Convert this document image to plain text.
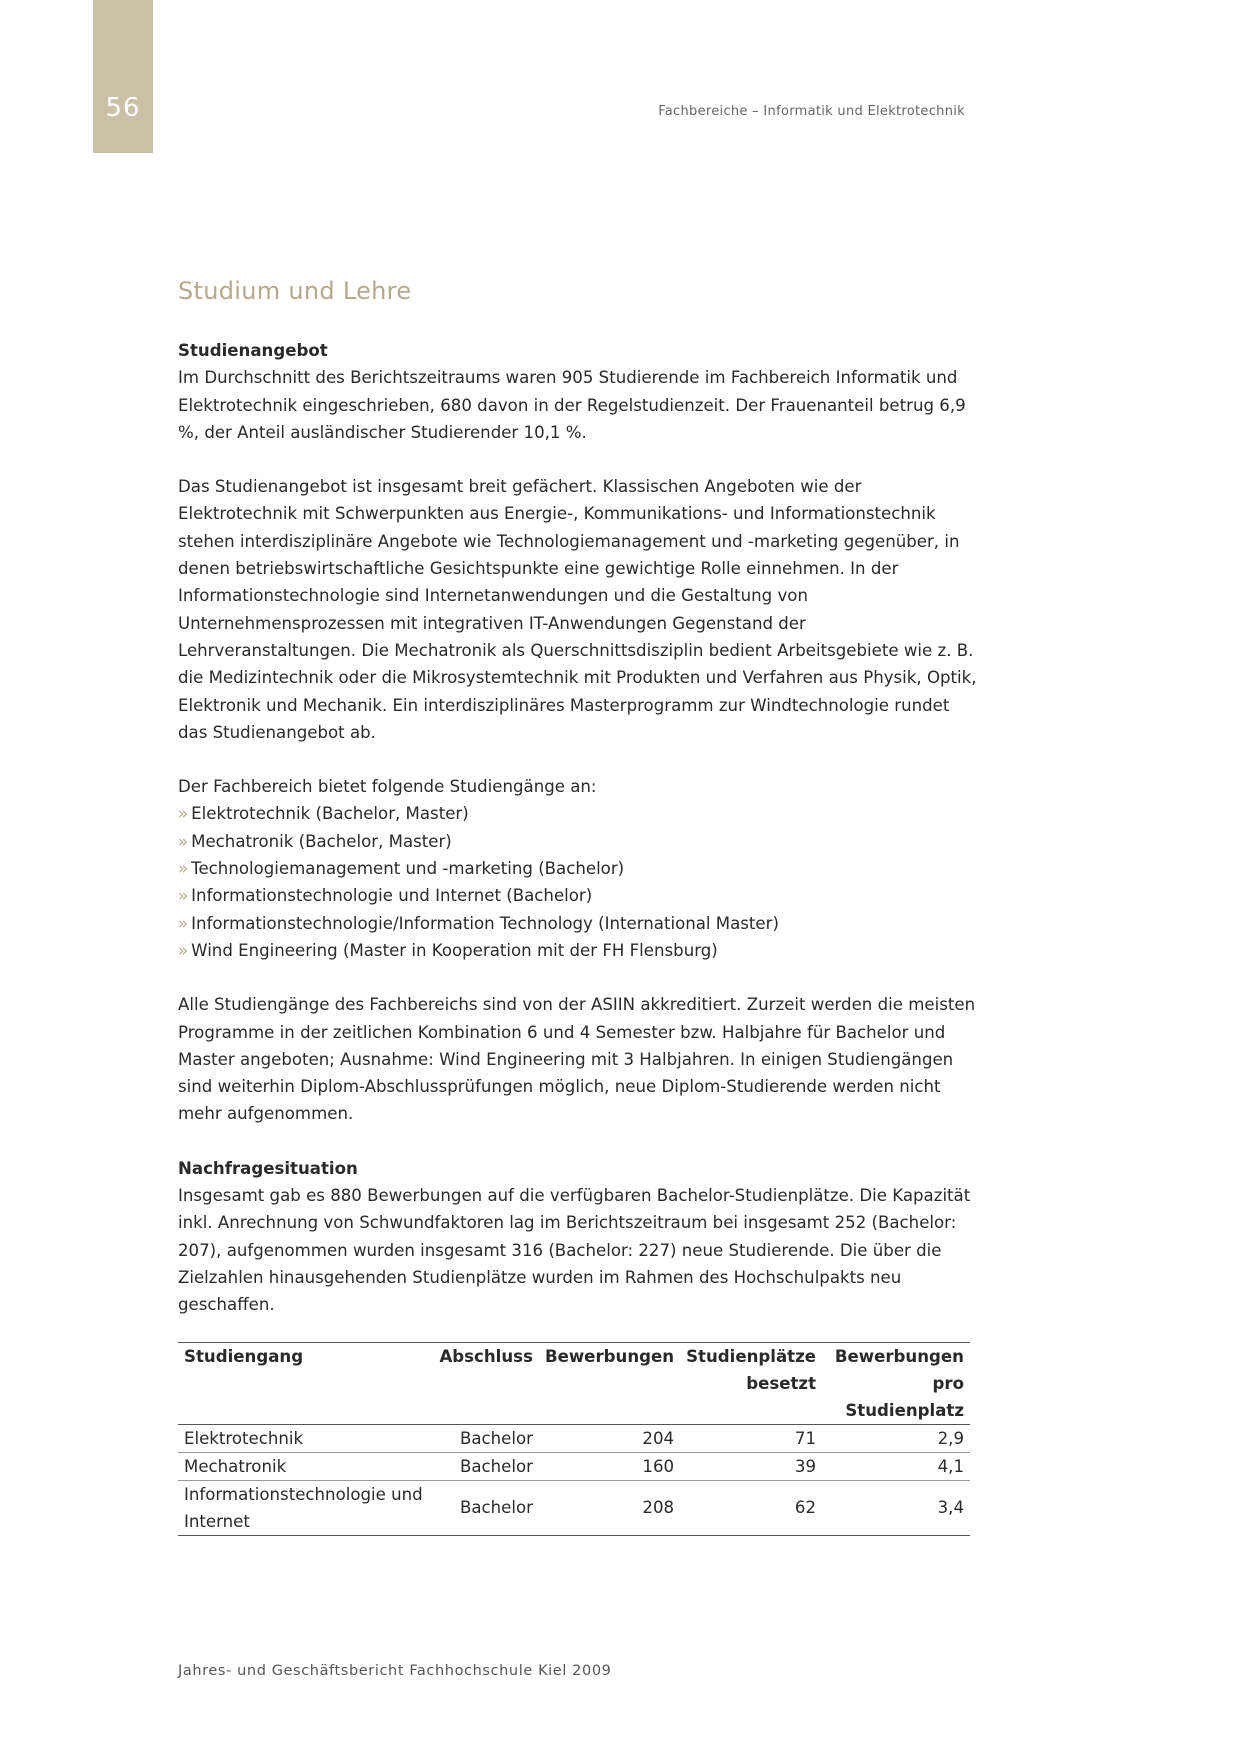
56	Fachbereiche – Informatik und Elektrotechnik
Studium und Lehre
Studienangebot

Im Durchschnitt des Berichtszeitraums waren 905 Studierende im Fachbereich Informatik und Elektrotechnik eingeschrieben, 680 davon in der Regelstudienzeit. Der Frauenanteil betrug 6,9 %, der Anteil ausländischer Studierender 10,1 %.

Das Studienangebot ist insgesamt breit gefächert. Klassischen Angeboten wie der Elektrotechnik mit Schwerpunkten aus Energie-, Kommunikations- und Informationstechnik stehen interdisziplinäre Angebote wie Technologiemanagement und -marketing gegenüber, in denen betriebswirtschaftliche Gesichtspunkte eine gewichtige Rolle einnehmen. In der Informationstechnologie sind Internetanwendungen und die Gestaltung von Unternehmensprozessen mit integrativen IT-Anwendungen Gegenstand der Lehrveranstaltungen. Die Mechatronik als Querschnittsdisziplin bedient Arbeitsgebiete wie z. B. die Medizintechnik oder die Mikrosystemtechnik mit Produkten und Verfahren aus Physik, Optik, Elektronik und Mechanik. Ein interdisziplinäres Masterprogramm zur Windtechnologie rundet das Studienangebot ab.

Der Fachbereich bietet folgende Studiengänge an:

» Elektrotechnik (Bachelor, Master)
» Mechatronik (Bachelor, Master)
» Technologiemanagement und -marketing (Bachelor)
» Informationstechnologie und Internet (Bachelor)
» Informationstechnologie/Information Technology (International Master)
» Wind Engineering (Master in Kooperation mit der FH Flensburg)

Alle Studiengänge des Fachbereichs sind von der ASIIN akkreditiert. Zurzeit werden die meisten Programme in der zeitlichen Kombination 6 und 4 Semester bzw. Halbjahre für Bachelor und Master angeboten; Ausnahme: Wind Engineering mit 3 Halbjahren. In einigen Studiengängen sind weiterhin Diplom-Abschlussprüfungen möglich, neue Diplom-Studierende werden nicht mehr aufgenommen.

Nachfragesituation

Insgesamt gab es 880 Bewerbungen auf die verfügbaren Bachelor-Studienplätze. Die Kapazität inkl. Anrechnung von Schwundfaktoren lag im Berichtszeitraum bei insgesamt 252 (Bachelor: 207), aufgenommen wurden insgesamt 316 (Bachelor: 227) neue Studierende. Die über die Zielzahlen hinausgehenden Studienplätze wurden im Rahmen des Hochschulpakts neu geschaffen.

Studiengang	Abschluss	Bewerbungen	Studienplätze besetzt	Bewerbungen pro Studienplatz
Elektrotechnik	Bachelor	204	71	2,9
Mechatronik	Bachelor	160	39	4,1
Informationstechnologie und Internet	Bachelor	208	62	3,4
Jahres- und Geschäftsbericht Fachhochschule Kiel 2009
